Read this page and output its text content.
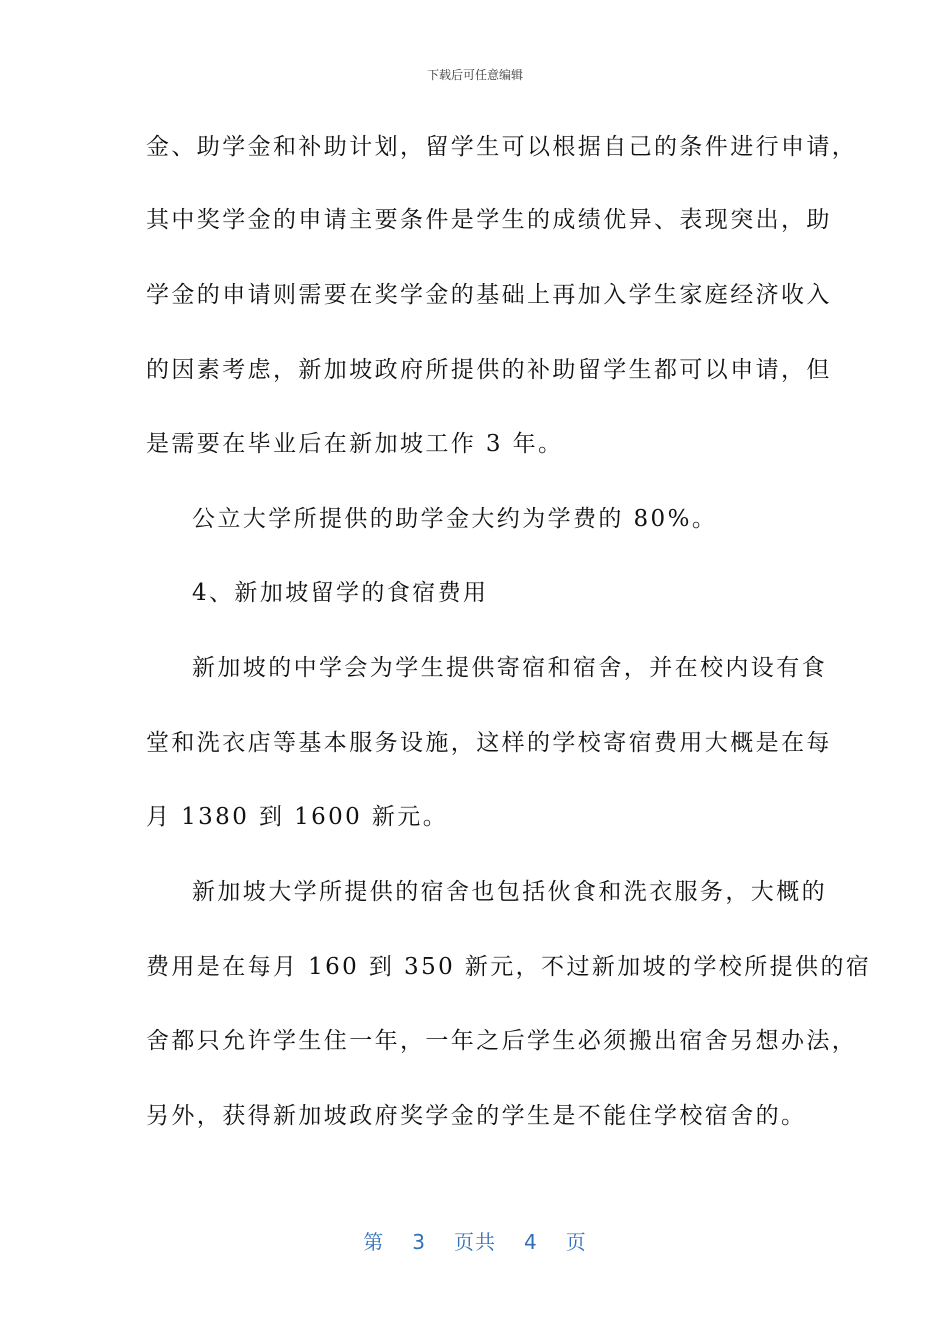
下载后可任意编辑
金、助学金和补助计划，留学生可以根据自己的条件进行申请，
其中奖学金的申请主要条件是学生的成绩优异、表现突出，助
学金的申请则需要在奖学金的基础上再加入学生家庭经济收入
的因素考虑，新加坡政府所提供的补助留学生都可以申请，但
是需要在毕业后在新加坡工作 3 年。
公立大学所提供的助学金大约为学费的 80%。
4、新加坡留学的食宿费用
新加坡的中学会为学生提供寄宿和宿舍，并在校内设有食
堂和洗衣店等基本服务设施，这样的学校寄宿费用大概是在每
月 1380 到 1600 新元。
新加坡大学所提供的宿舍也包括伙食和洗衣服务，大概的
费用是在每月 160 到 350 新元，不过新加坡的学校所提供的宿
舍都只允许学生住一年，一年之后学生必须搬出宿舍另想办法，
另外，获得新加坡政府奖学金的学生是不能住学校宿舍的。
第 3 页共 4 页
